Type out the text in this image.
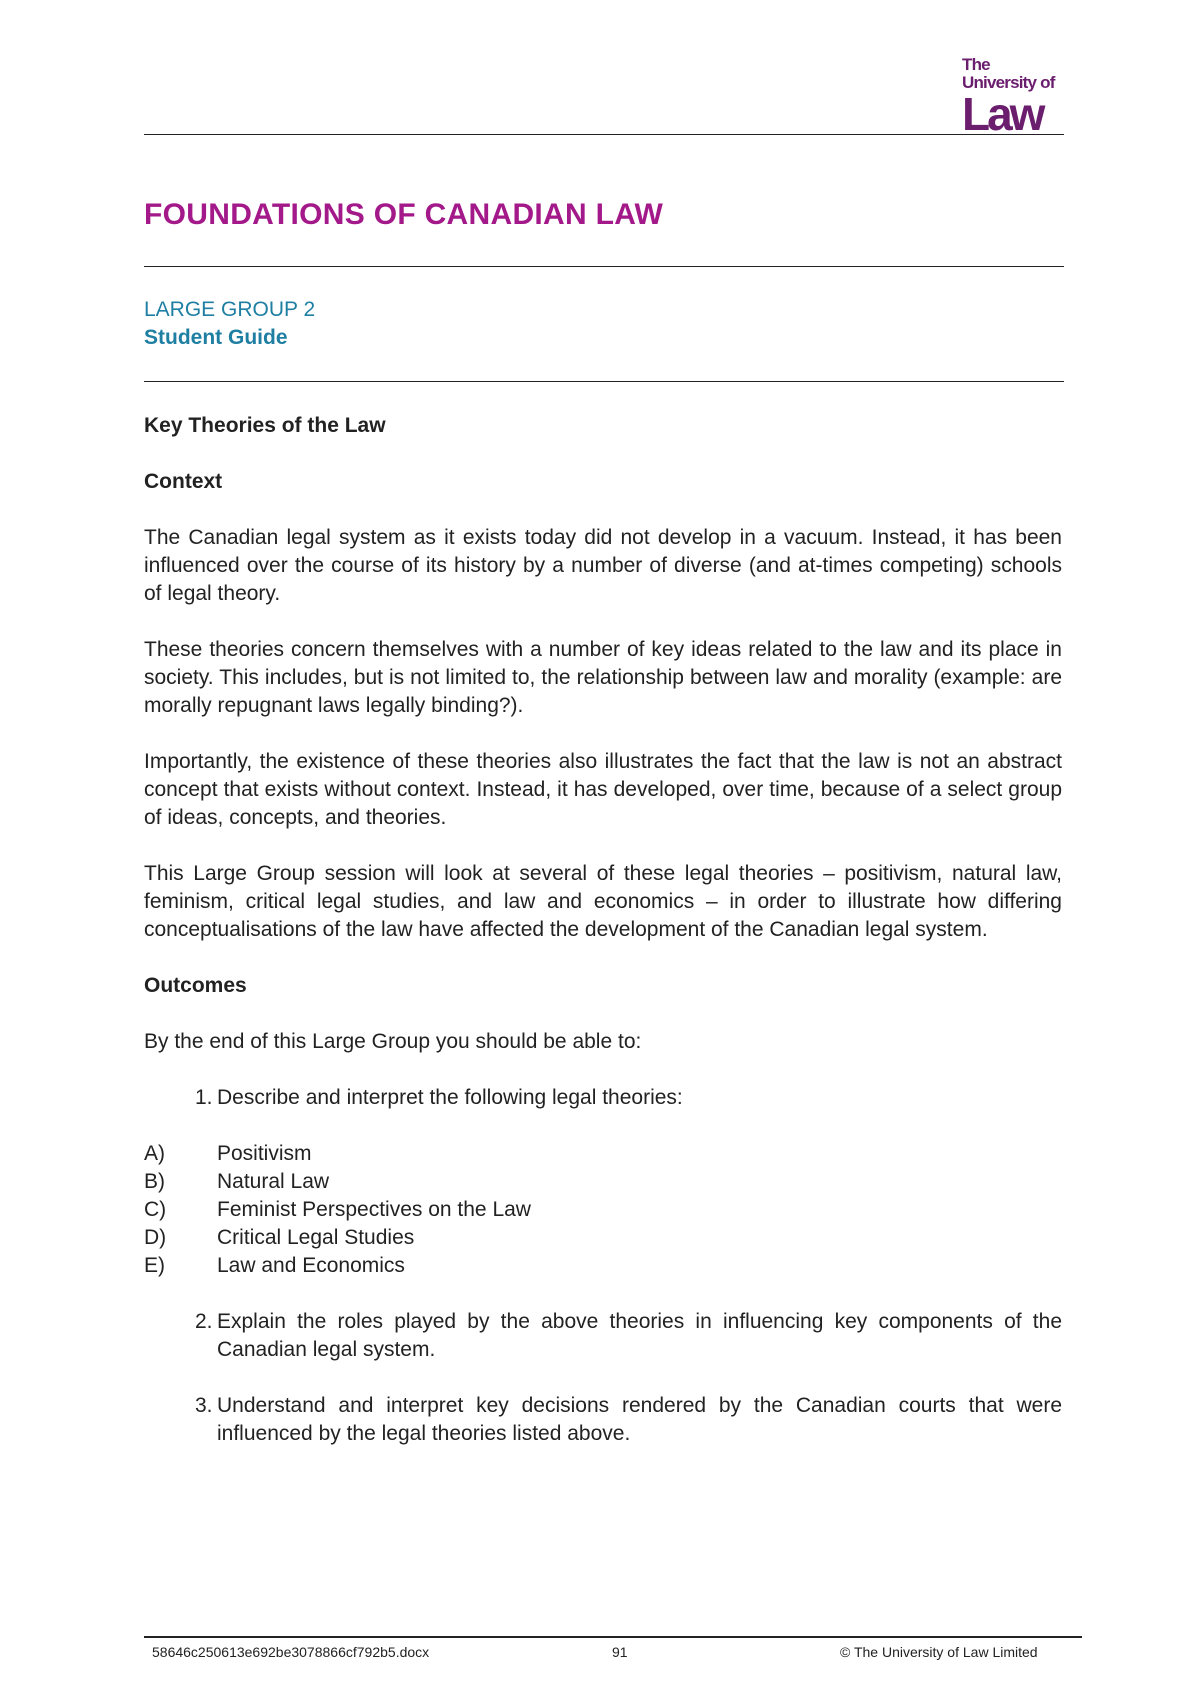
The
University of
Law
FOUNDATIONS OF CANADIAN LAW
LARGE GROUP 2
Student Guide
Key Theories of the Law
Context

The Canadian legal system as it exists today did not develop in a vacuum. Instead, it has been influenced over the course of its history by a number of diverse (and at-times competing) schools of legal theory.

These theories concern themselves with a number of key ideas related to the law and its place in society. This includes, but is not limited to, the relationship between law and morality (example: are morally repugnant laws legally binding?).

Importantly, the existence of these theories also illustrates the fact that the law is not an abstract concept that exists without context. Instead, it has developed, over time, because of a select group of ideas, concepts, and theories.

This Large Group session will look at several of these legal theories – positivism, natural law, feminism, critical legal studies, and law and economics – in order to illustrate how differing conceptualisations of the law have affected the development of the Canadian legal system.

Outcomes

By the end of this Large Group you should be able to:

1. Describe and interpret the following legal theories:
A)	Positivism
B)	Natural Law
C)	Feminist Perspectives on the Law
D)	Critical Legal Studies
E)	Law and Economics
2. Explain the roles played by the above theories in influencing key components of the Canadian legal system.
3. Understand and interpret key decisions rendered by the Canadian courts that were influenced by the legal theories listed above.
58646c250613e692be3078866cf792b5.docx	91	© The University of Law Limited
